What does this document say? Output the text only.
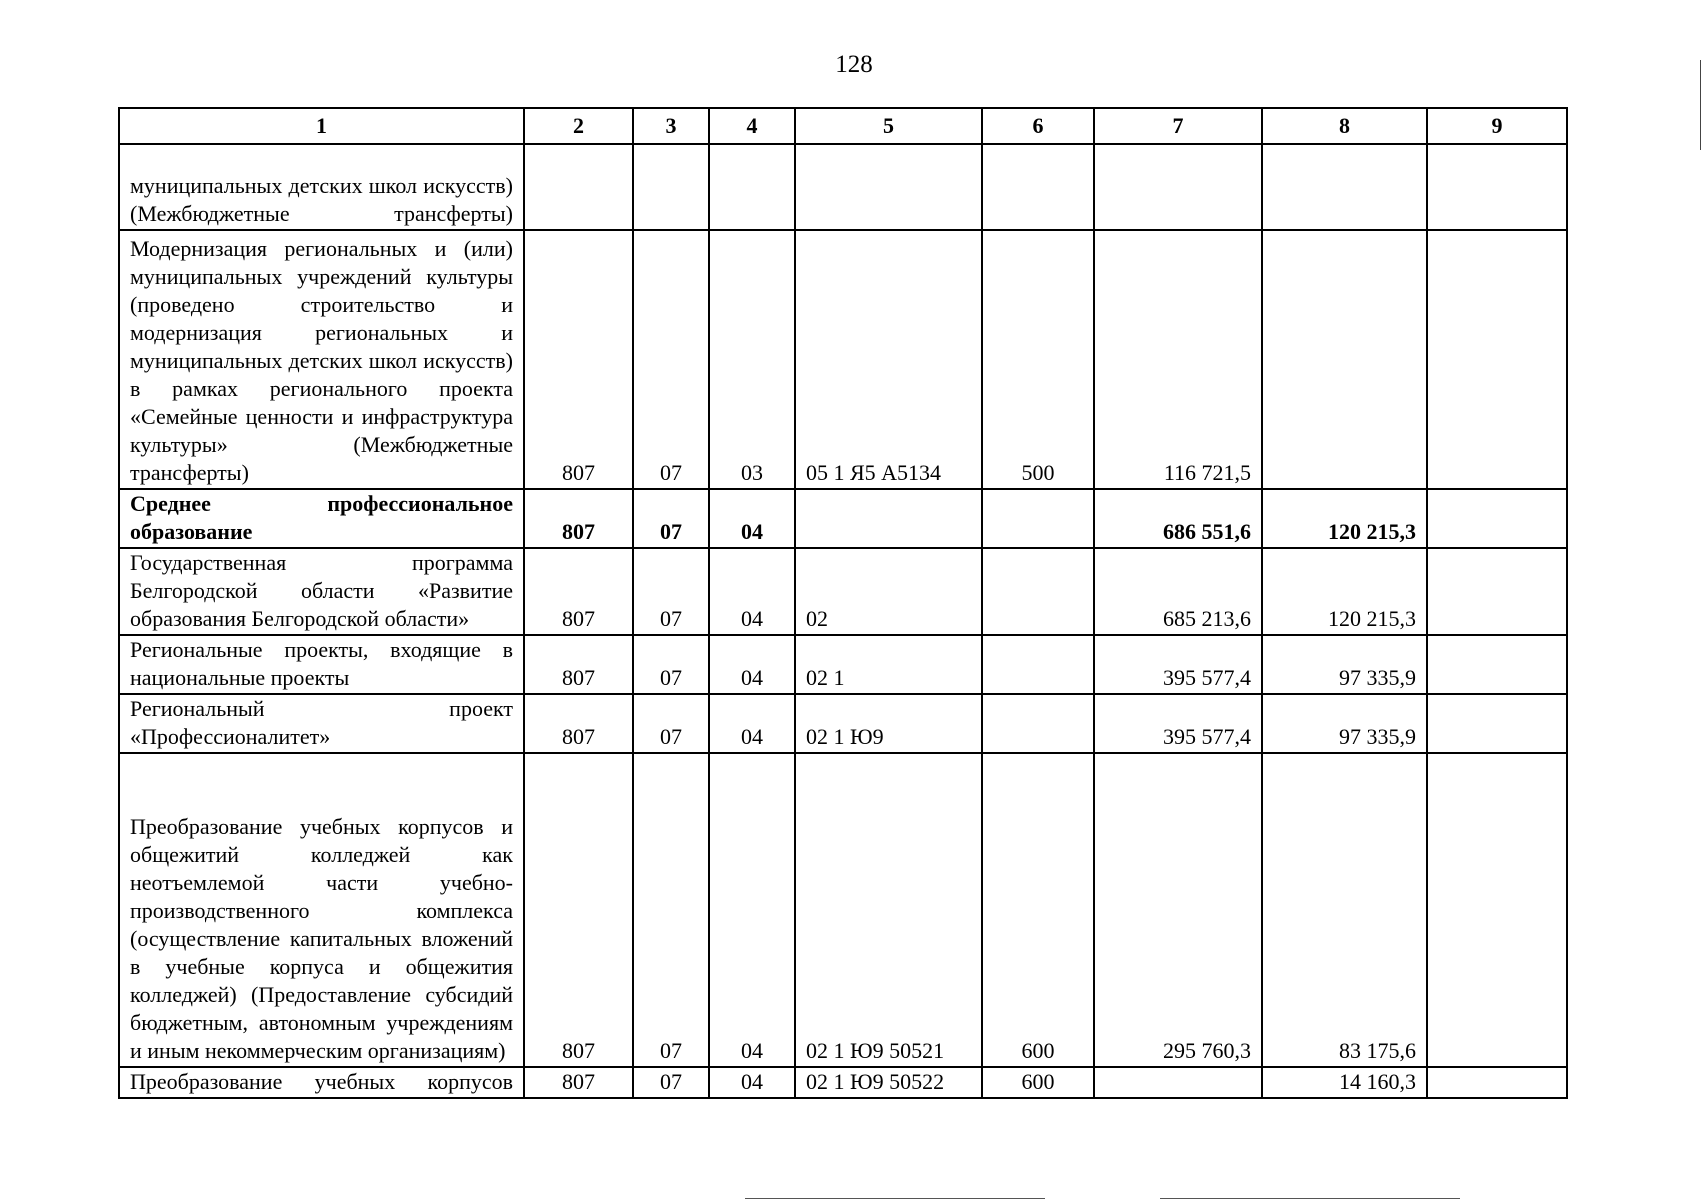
128
1	2	3	4	5	6	7	8	9
муниципальных детских школ искусств) (Межбюджетные трансферты)								
Модернизация региональных и (или) муниципальных учреждений культуры (проведено строительство и модернизация региональных и муниципальных детских школ искусств) в рамках регионального проекта «Семейные ценности и инфраструктура культуры» (Межбюджетные трансферты)	807	07	03	05 1 Я5 А5134	500	116 721,5		
Среднее профессиональное образование	807	07	04			686 551,6	120 215,3	
Государственная программа Белгородской области «Развитие образования Белгородской области»	807	07	04	02		685 213,6	120 215,3	
Региональные проекты, входящие в национальные проекты	807	07	04	02 1		395 577,4	97 335,9	
Региональный проект «Профессионалитет»	807	07	04	02 1 Ю9		395 577,4	97 335,9	
Преобразование учебных корпусов и общежитий колледжей как неотъемлемой части учебно-производственного комплекса (осуществление капитальных вложений в учебные корпуса и общежития колледжей) (Предоставление субсидий бюджетным, автономным учреждениям и иным некоммерческим организациям)	807	07	04	02 1 Ю9 50521	600	295 760,3	83 175,6	
Преобразование учебных корпусов	807	07	04	02 1 Ю9 50522	600		14 160,3	
